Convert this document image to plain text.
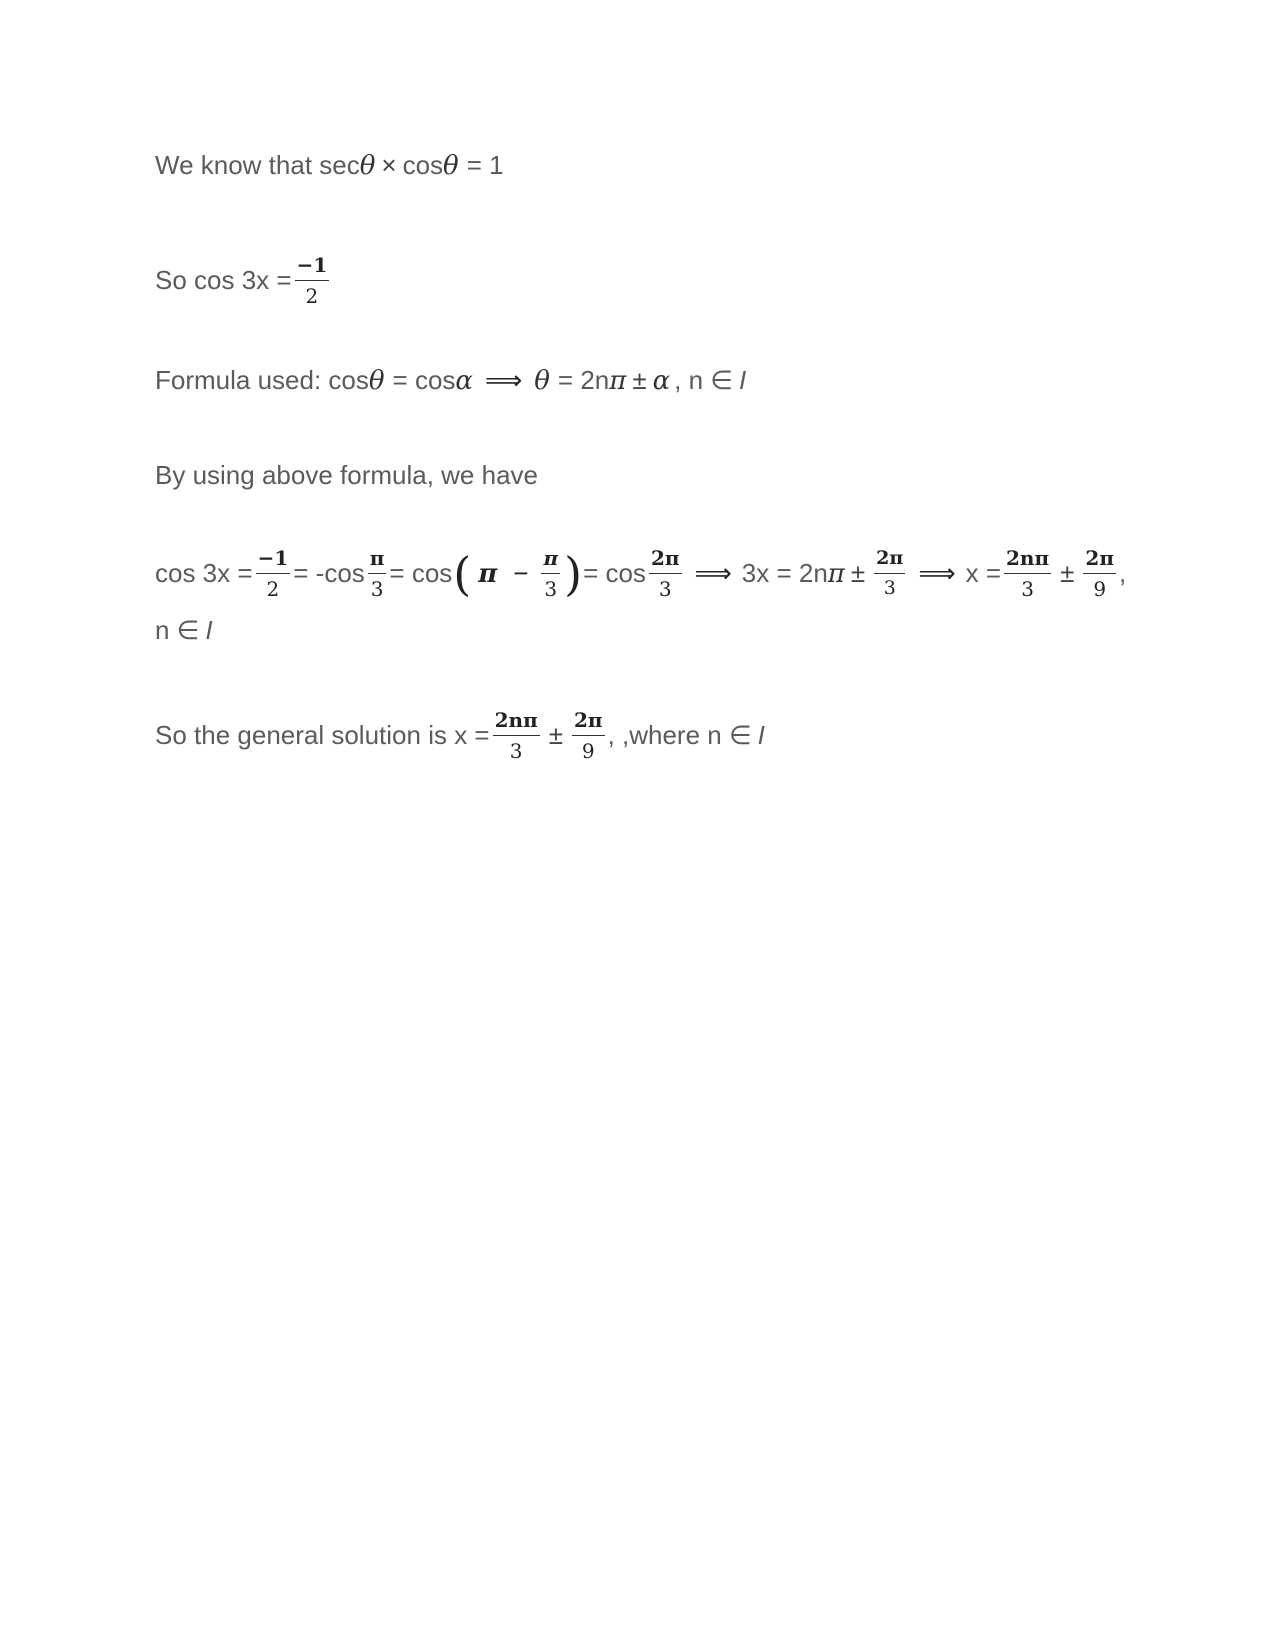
We know that sec θ × cos θ = 1
So $\cos 3x = \frac{-1}{2}$
Formula used: cos θ = cos α ⟹ θ = 2n π ± α , n ∈ I
By using above formula, we have
$\cos 3x = \frac{-1}{2} = -\cos \frac{\pi}{3} = \cos$ ( $\pi - \frac{\pi}{3}$ ) = $\cos \frac{2\pi}{3}$ ⟹ 3x = 2n $\pi \pm \frac{2\pi}{3}$ ⟹ $x = \frac{2n\pi}{3} \pm \frac{2\pi}{9}$ ,
n ∈ I
So the general solution is $x = \frac{2n\pi}{3} \pm \frac{2\pi}{9}$ , ,where n ∈ I
